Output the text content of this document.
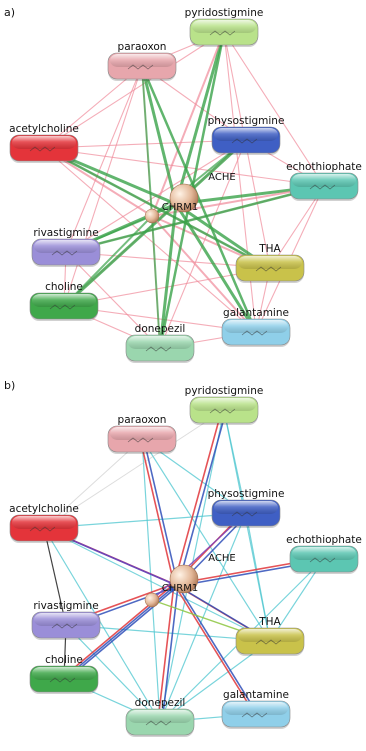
a)
CHRM1
ACHE
pyridostigmine
paraoxon
acetylcholine
physostigmine
echothiophate
rivastigmine
THA
choline
galantamine
donepezil
b)
CHRM1
ACHE
pyridostigmine
paraoxon
acetylcholine
physostigmine
echothiophate
rivastigmine
THA
choline
galantamine
donepezil
